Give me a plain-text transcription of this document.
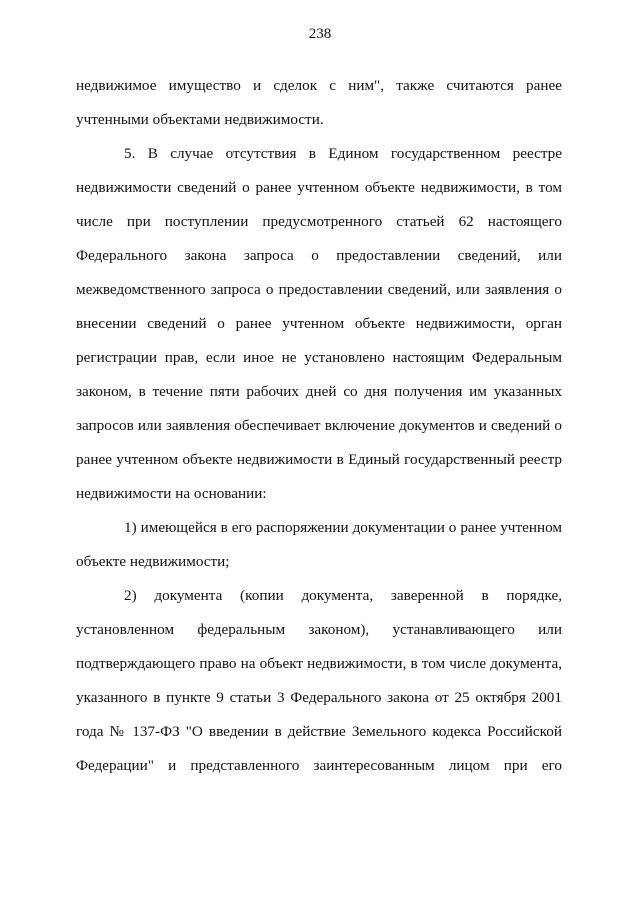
238
недвижимое имущество и сделок с ним", также считаются ранее
учтенными объектами недвижимости.
5. В случае отсутствия в Едином государственном реестре
недвижимости сведений о ранее учтенном объекте недвижимости, в том
числе при поступлении предусмотренного статьей 62 настоящего
Федерального закона запроса о предоставлении сведений, или
межведомственного запроса о предоставлении сведений, или заявления о
внесении сведений о ранее учтенном объекте недвижимости, орган
регистрации прав, если иное не установлено настоящим Федеральным
законом, в течение пяти рабочих дней со дня получения им указанных
запросов или заявления обеспечивает включение документов и сведений о
ранее учтенном объекте недвижимости в Единый государственный реестр
недвижимости на основании:
1) имеющейся в его распоряжении документации о ранее учтенном
объекте недвижимости;
2) документа (копии документа, заверенной в порядке,
установленном федеральным законом), устанавливающего или
подтверждающего право на объект недвижимости, в том числе документа,
указанного в пункте 9 статьи 3 Федерального закона от 25 октября 2001
года № 137-ФЗ "О введении в действие Земельного кодекса Российской
Федерации" и представленного заинтересованным лицом при его
